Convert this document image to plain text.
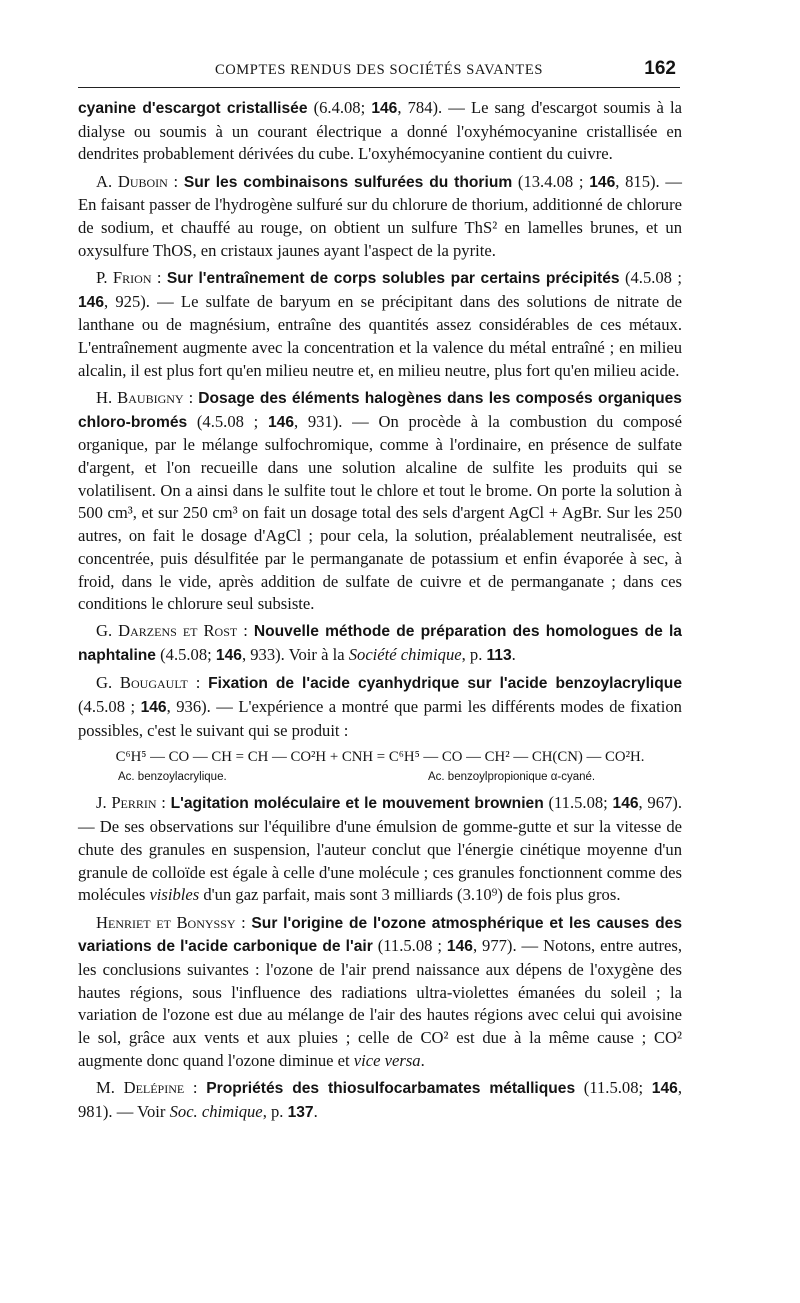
COMPTES RENDUS DES SOCIÉTÉS SAVANTES	162

cyanine d'escargot cristallisée (6.4.08; 146, 784). — Le sang d'escargot soumis à la dialyse ou soumis à un courant électrique a donné l'oxyhémocyanine cristallisée en dendrites probablement dérivées du cube. L'oxyhémocyanine contient du cuivre.

A. Duboin : Sur les combinaisons sulfurées du thorium (13.4.08 ; 146, 815). — En faisant passer de l'hydrogène sulfuré sur du chlorure de thorium, additionné de chlorure de sodium, et chauffé au rouge, on obtient un sulfure ThS² en lamelles brunes, et un oxysulfure ThOS, en cristaux jaunes ayant l'aspect de la pyrite.

P. Frion : Sur l'entraînement de corps solubles par certains précipités (4.5.08 ; 146, 925). — Le sulfate de baryum en se précipitant dans des solutions de nitrate de lanthane ou de magnésium, entraîne des quantités assez considérables de ces métaux. L'entraînement augmente avec la concentration et la valence du métal entraîné ; en milieu alcalin, il est plus fort qu'en milieu neutre et, en milieu neutre, plus fort qu'en milieu acide.

H. Baubigny : Dosage des éléments halogènes dans les composés organiques chloro-bromés (4.5.08 ; 146, 931). — On procède à la combustion du composé organique, par le mélange sulfochromique, comme à l'ordinaire, en présence de sulfate d'argent, et l'on recueille dans une solution alcaline de sulfite les produits qui se volatilisent. On a ainsi dans le sulfite tout le chlore et tout le brome. On porte la solution à 500 cm³, et sur 250 cm³ on fait un dosage total des sels d'argent AgCl + AgBr. Sur les 250 autres, on fait le dosage d'AgCl ; pour cela, la solution, préalablement neutralisée, est concentrée, puis désulfitée par le permanganate de potassium et enfin évaporée à sec, à froid, dans le vide, après addition de sulfate de cuivre et de permanganate ; dans ces conditions le chlorure seul subsiste.

G. Darzens et Rost : Nouvelle méthode de préparation des homologues de la naphtaline (4.5.08; 146, 933). Voir à la Société chimique, p. 113.

G. Bougault : Fixation de l'acide cyanhydrique sur l'acide benzoylacrylique (4.5.08 ; 146, 936). — L'expérience a montré que parmi les différents modes de fixation possibles, c'est le suivant qui se produit :

C⁶H⁵ — CO — CH = CH — CO²H + CNH = C⁶H⁵ — CO — CH² — CH(CN) — CO²H.
Ac. benzoylacrylique.	Ac. benzoylpropionique α-cyané.

J. Perrin : L'agitation moléculaire et le mouvement brownien (11.5.08; 146, 967). — De ses observations sur l'équilibre d'une émulsion de gomme-gutte et sur la vitesse de chute des granules en suspension, l'auteur conclut que l'énergie cinétique moyenne d'un granule de colloïde est égale à celle d'une molécule ; ces granules fonctionnent comme des molécules visibles d'un gaz parfait, mais sont 3 milliards (3.10⁹) de fois plus gros.

Henriet et Bonyssy : Sur l'origine de l'ozone atmosphérique et les causes des variations de l'acide carbonique de l'air (11.5.08 ; 146, 977). — Notons, entre autres, les conclusions suivantes : l'ozone de l'air prend naissance aux dépens de l'oxygène des hautes régions, sous l'influence des radiations ultra-violettes émanées du soleil ; la variation de l'ozone est due au mélange de l'air des hautes régions avec celui qui avoisine le sol, grâce aux vents et aux pluies ; celle de CO² est due à la même cause ; CO² augmente donc quand l'ozone diminue et vice versa.

M. Delépine : Propriétés des thiosulfocarbamates métalliques (11.5.08; 146, 981). — Voir Soc. chimique, p. 137.
